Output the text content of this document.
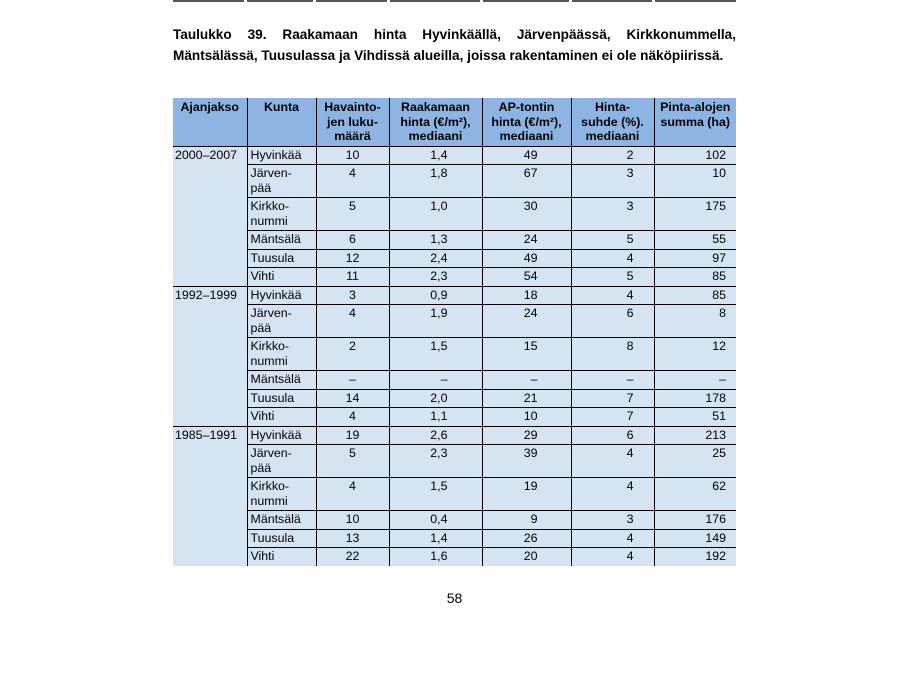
Taulukko 39. Raakamaan hinta Hyvinkäällä, Järvenpäässä, Kirkkonummella, Mäntsälässä, Tuusulassa ja Vihdissä alueilla, joissa rakentaminen ei ole näköpiirissä.
Ajanjakso	Kunta	Havainto-
jen luku-
määrä	Raakamaan
hinta (€/m²),
mediaani	AP-tontin
hinta (€/m²),
mediaani	Hinta-
suhde (%).
mediaani	Pinta-alojen
summa (ha)
2000–2007	Hyvinkää	10	1,4	49	2	102
	Järven-
pää	4	1,8	67	3	10
	Kirkko-
nummi	5	1,0	30	3	175
	Mäntsälä	6	1,3	24	5	55
	Tuusula	12	2,4	49	4	97
	Vihti	11	2,3	54	5	85
1992–1999	Hyvinkää	3	0,9	18	4	85
	Järven-
pää	4	1,9	24	6	8
	Kirkko-
nummi	2	1,5	15	8	12
	Mäntsälä	–	–	–	–	–
	Tuusula	14	2,0	21	7	178
	Vihti	4	1,1	10	7	51
1985–1991	Hyvinkää	19	2,6	29	6	213
	Järven-
pää	5	2,3	39	4	25
	Kirkko-
nummi	4	1,5	19	4	62
	Mäntsälä	10	0,4	9	3	176
	Tuusula	13	1,4	26	4	149
	Vihti	22	1,6	20	4	192
58
